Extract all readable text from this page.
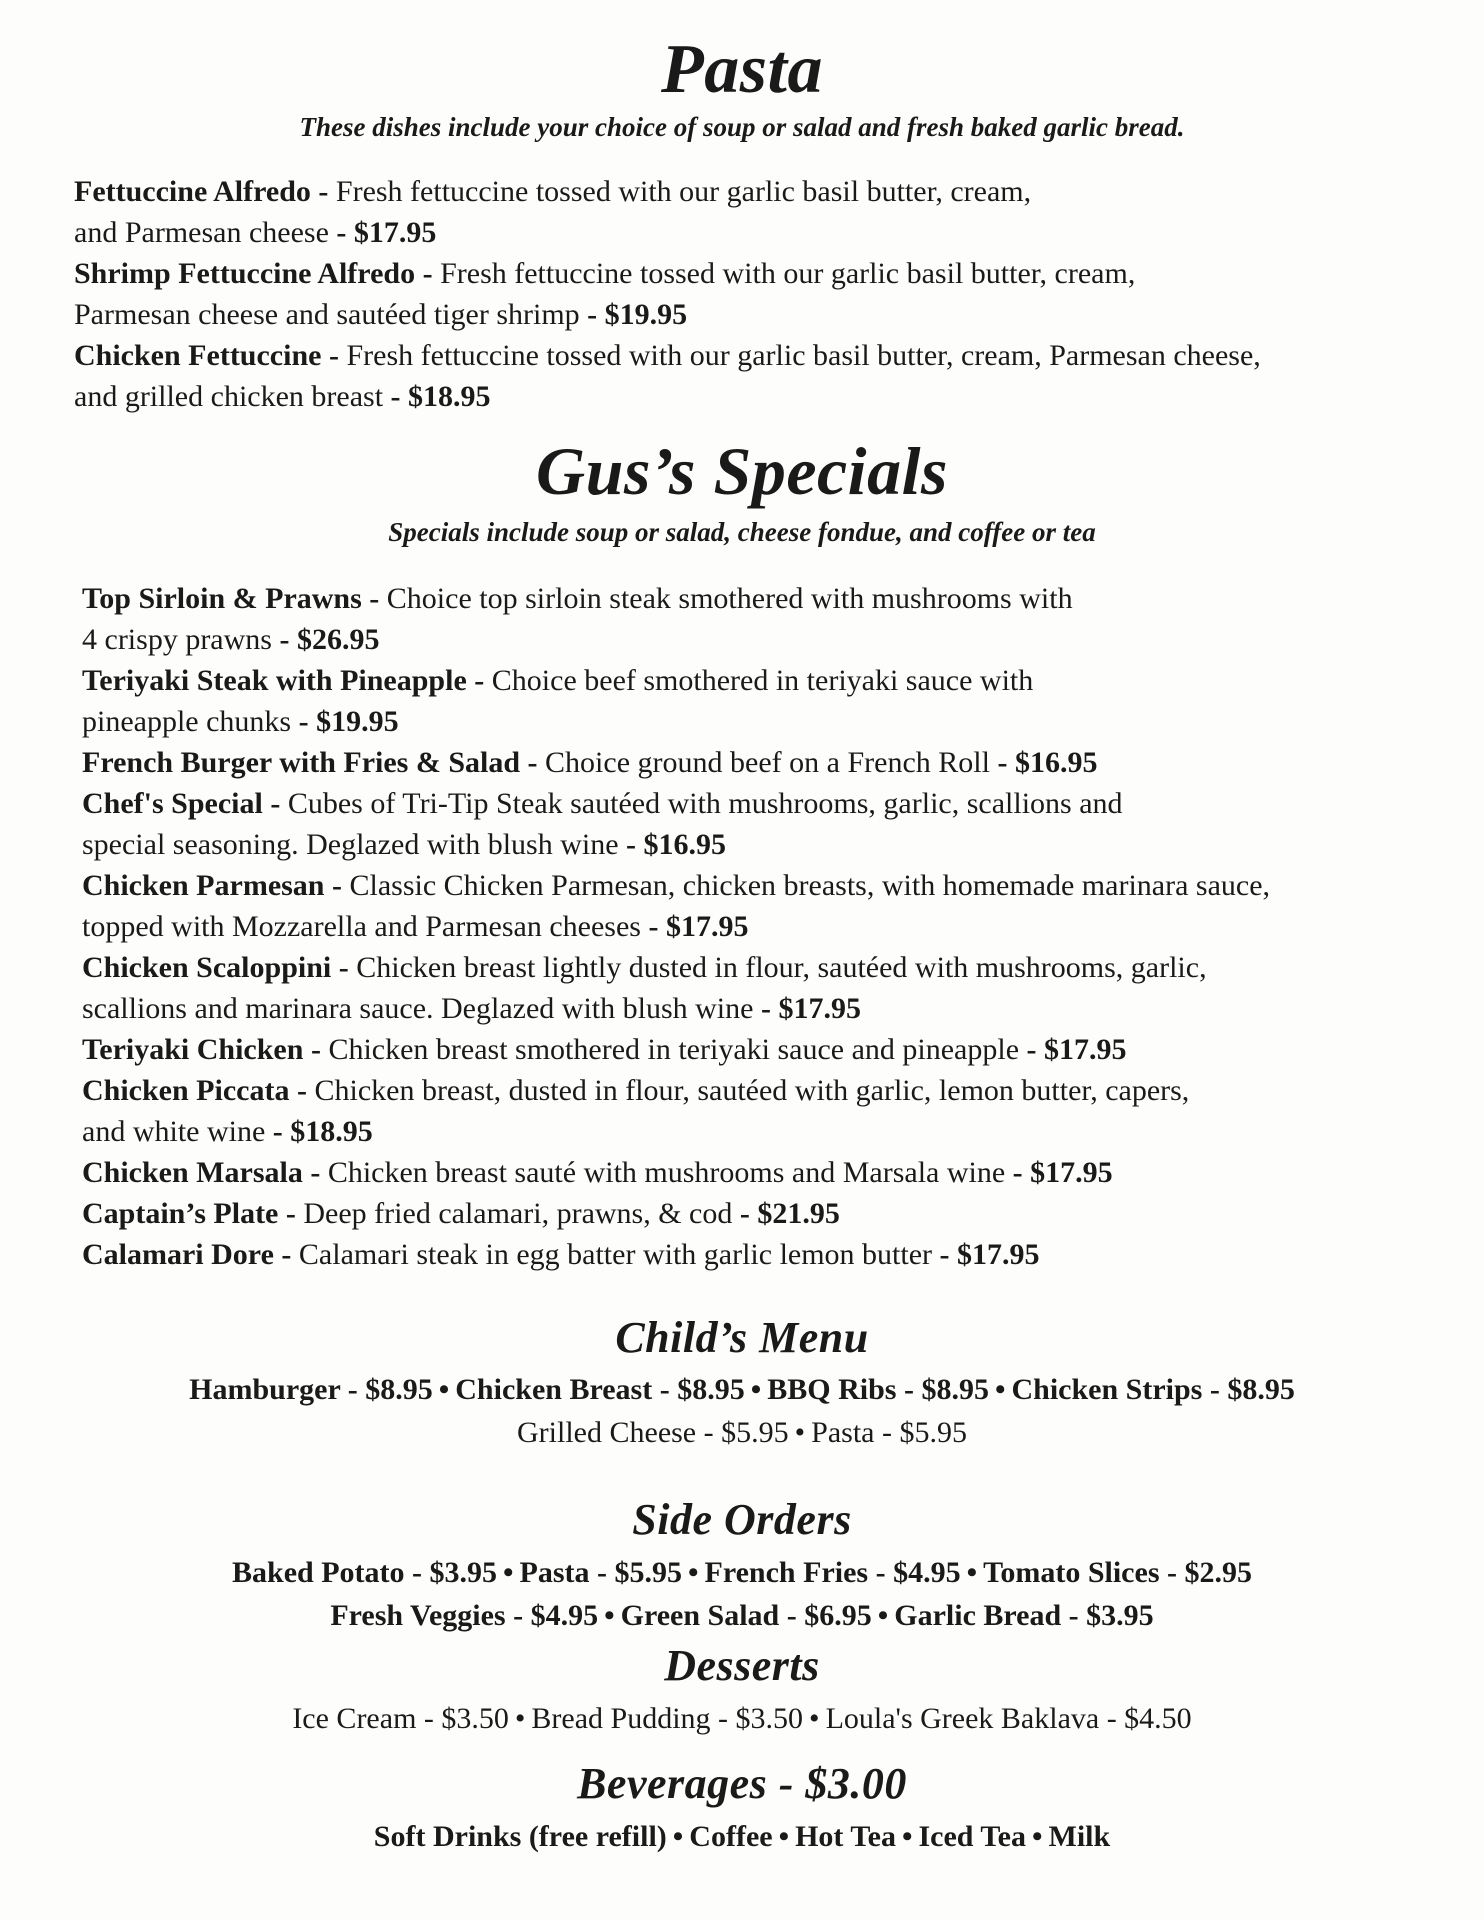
Pasta

These dishes include your choice of soup or salad and fresh baked garlic bread.

Fettuccine Alfredo - Fresh fettuccine tossed with our garlic basil butter, cream,
and Parmesan cheese - $17.95

Shrimp Fettuccine Alfredo - Fresh fettuccine tossed with our garlic basil butter, cream,
Parmesan cheese and sautéed tiger shrimp - $19.95

Chicken Fettuccine - Fresh fettuccine tossed with our garlic basil butter, cream, Parmesan cheese,
and grilled chicken breast - $18.95

Gus’s Specials

Specials include soup or salad, cheese fondue, and coffee or tea

Top Sirloin & Prawns - Choice top sirloin steak smothered with mushrooms with
4 crispy prawns - $26.95

Teriyaki Steak with Pineapple - Choice beef smothered in teriyaki sauce with
pineapple chunks - $19.95

French Burger with Fries & Salad - Choice ground beef on a French Roll - $16.95

Chef's Special - Cubes of Tri-Tip Steak sautéed with mushrooms, garlic, scallions and
special seasoning. Deglazed with blush wine - $16.95

Chicken Parmesan - Classic Chicken Parmesan, chicken breasts, with homemade marinara sauce,
topped with Mozzarella and Parmesan cheeses - $17.95

Chicken Scaloppini - Chicken breast lightly dusted in flour, sautéed with mushrooms, garlic,
scallions and marinara sauce. Deglazed with blush wine - $17.95

Teriyaki Chicken - Chicken breast smothered in teriyaki sauce and pineapple - $17.95

Chicken Piccata - Chicken breast, dusted in flour, sautéed with garlic, lemon butter, capers,
and white wine - $18.95

Chicken Marsala - Chicken breast sauté with mushrooms and Marsala wine - $17.95

Captain’s Plate - Deep fried calamari, prawns, & cod - $21.95

Calamari Dore - Calamari steak in egg batter with garlic lemon butter - $17.95

Child’s Menu

Hamburger - $8.95 • Chicken Breast - $8.95 • BBQ Ribs - $8.95 • Chicken Strips - $8.95

Grilled Cheese - $5.95 • Pasta - $5.95

Side Orders

Baked Potato - $3.95 • Pasta - $5.95 • French Fries - $4.95 • Tomato Slices - $2.95

Fresh Veggies - $4.95 • Green Salad - $6.95 • Garlic Bread - $3.95

Desserts

Ice Cream - $3.50 • Bread Pudding - $3.50 • Loula's Greek Baklava - $4.50

Beverages - $3.00

Soft Drinks (free refill) • Coffee • Hot Tea • Iced Tea • Milk
